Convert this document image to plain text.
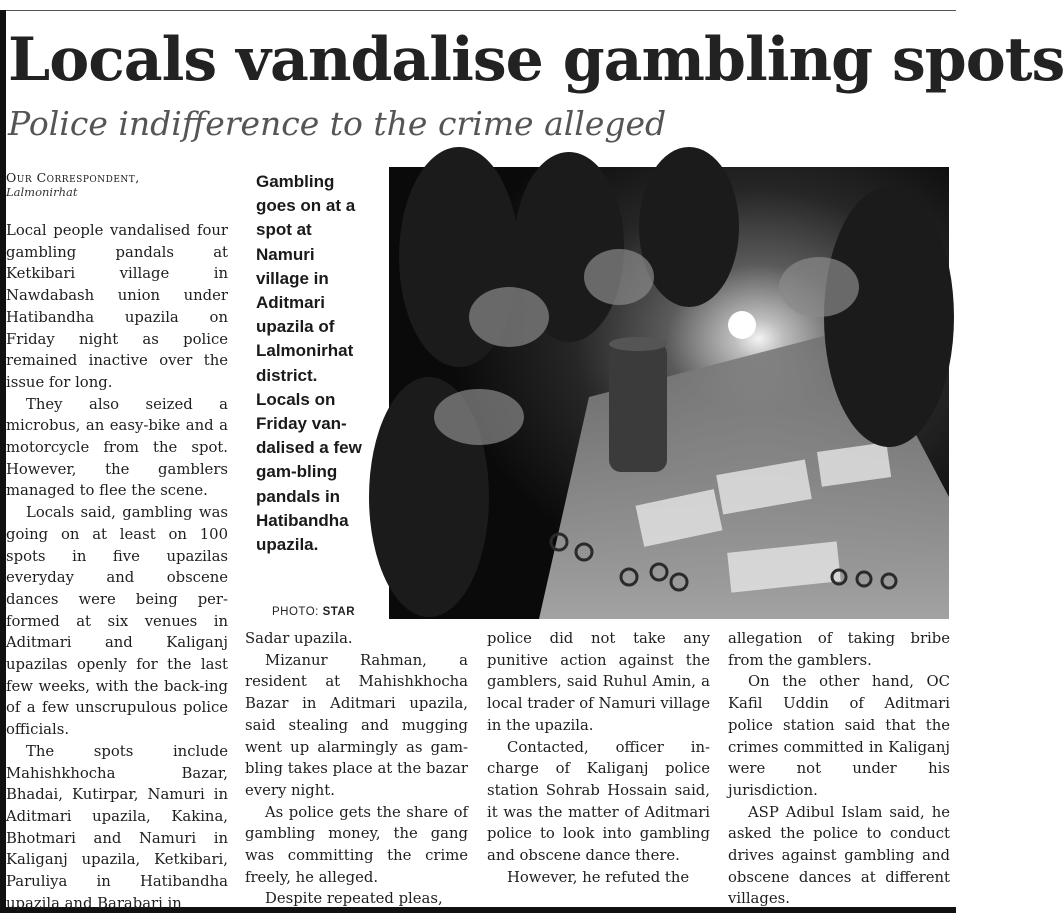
Locals vandalise gambling spots
Police indifference to the crime alleged
Our Correspondent,
Lalmonirhat

Local people vandalised four gambling pandals at Ketkibari village in Nawdabash union under Hatibandha upazila on Friday night as police remained inactive over the issue for long.

They also seized a microbus, an easy-bike and a motorcycle from the spot. However, the gamblers managed to flee the scene.

Locals said, gambling was going on at least on 100 spots in five upazilas everyday and obscene dances were being per-formed at six venues in Aditmari and Kaliganj upazilas openly for the last few weeks, with the back-ing of a few unscrupulous police officials.

The spots include Mahishkhocha Bazar, Bhadai, Kutirpar, Namuri in Aditmari upazila, Kakina, Bhotmari and Namuri in Kaliganj upazila, Ketkibari, Paruliya in Hatibandha upazila and Barabari in

Gambling goes on at a spot at Namuri village in Aditmari upazila of Lalmonirhat district. Locals on Friday van-dalised a few gam-bling pandals in Hatibandha upazila.
PHOTO: STAR

Sadar upazila.

Mizanur Rahman, a resident at Mahishkhocha Bazar in Aditmari upazila, said stealing and mugging went up alarmingly as gam-bling takes place at the bazar every night.

As police gets the share of gambling money, the gang was committing the crime freely, he alleged.

Despite repeated pleas,

police did not take any punitive action against the gamblers, said Ruhul Amin, a local trader of Namuri village in the upazila.

Contacted, officer in-charge of Kaliganj police station Sohrab Hossain said, it was the matter of Aditmari police to look into gambling and obscene dance there.

However, he refuted the

allegation of taking bribe from the gamblers.

On the other hand, OC Kafil Uddin of Aditmari police station said that the crimes committed in Kaliganj were not under his jurisdiction.

ASP Adibul Islam said, he asked the police to conduct drives against gambling and obscene dances at different villages.
